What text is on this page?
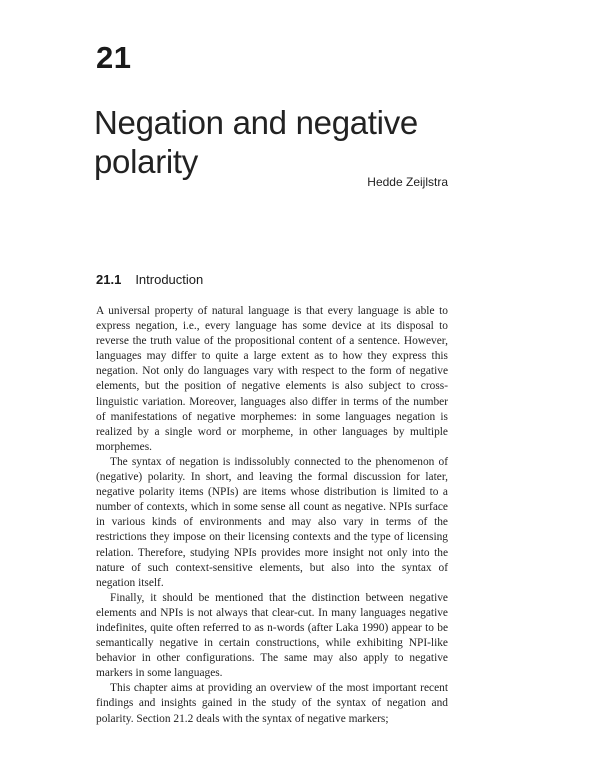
21
Negation and negative polarity

Hedde Zeijlstra

21.1 Introduction

A universal property of natural language is that every language is able to express negation, i.e., every language has some device at its disposal to reverse the truth value of the propositional content of a sentence. However, languages may differ to quite a large extent as to how they express this negation. Not only do languages vary with respect to the form of negative elements, but the position of negative elements is also subject to cross-linguistic variation. Moreover, languages also differ in terms of the number of manifestations of negative morphemes: in some languages negation is realized by a single word or morpheme, in other languages by multiple morphemes.

The syntax of negation is indissolubly connected to the phenomenon of (negative) polarity. In short, and leaving the formal discussion for later, negative polarity items (NPIs) are items whose distribution is limited to a number of contexts, which in some sense all count as negative. NPIs surface in various kinds of environments and may also vary in terms of the restrictions they impose on their licensing contexts and the type of licensing relation. Therefore, studying NPIs provides more insight not only into the nature of such context-sensitive elements, but also into the syntax of negation itself.

Finally, it should be mentioned that the distinction between negative elements and NPIs is not always that clear-cut. In many languages negative indefinites, quite often referred to as n-words (after Laka 1990) appear to be semantically negative in certain constructions, while exhibiting NPI-like behavior in other configurations. The same may also apply to negative markers in some languages.

This chapter aims at providing an overview of the most important recent findings and insights gained in the study of the syntax of negation and polarity. Section 21.2 deals with the syntax of negative markers;
